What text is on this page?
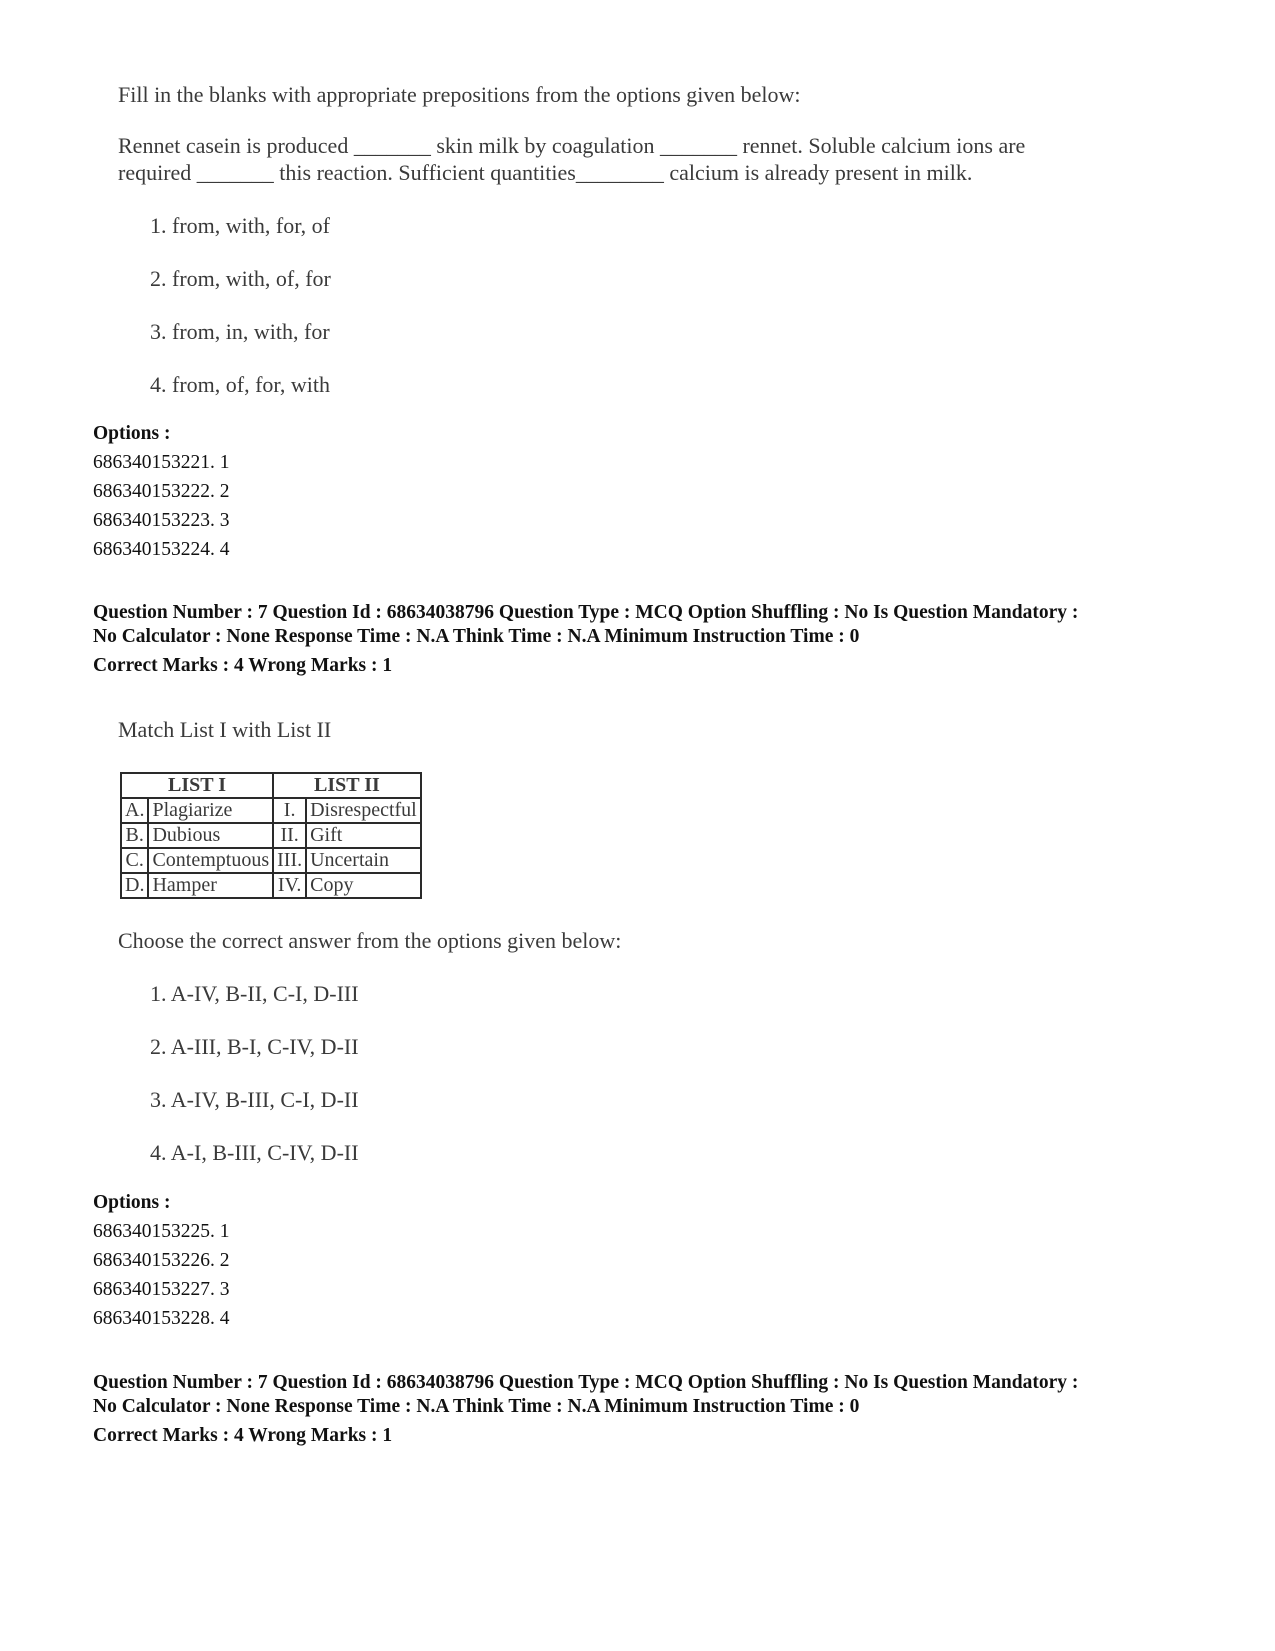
Fill in the blanks with appropriate prepositions from the options given below:
Rennet casein is produced _______ skin milk by coagulation _______ rennet. Soluble calcium ions are
required _______ this reaction. Sufficient quantities________ calcium is already present in milk.
1. from, with, for, of
2. from, with, of, for
3. from, in, with, for
4. from, of, for, with
Options :
686340153221. 1
686340153222. 2
686340153223. 3
686340153224. 4
Question Number : 7 Question Id : 68634038796 Question Type : MCQ Option Shuffling : No Is Question Mandatory :
No Calculator : None Response Time : N.A Think Time : N.A Minimum Instruction Time : 0
Correct Marks : 4 Wrong Marks : 1
Match List I with List II
LIST I		LIST II	
A.	Plagiarize	I.	Disrespectful
B.	Dubious	II.	Gift
C.	Contemptuous	III.	Uncertain
D.	Hamper	IV.	Copy
Choose the correct answer from the options given below:
1. A-IV, B-II, C-I, D-III
2. A-III, B-I, C-IV, D-II
3. A-IV, B-III, C-I, D-II
4. A-I, B-III, C-IV, D-II
Options :
686340153225. 1
686340153226. 2
686340153227. 3
686340153228. 4
Question Number : 7 Question Id : 68634038796 Question Type : MCQ Option Shuffling : No Is Question Mandatory :
No Calculator : None Response Time : N.A Think Time : N.A Minimum Instruction Time : 0
Correct Marks : 4 Wrong Marks : 1
